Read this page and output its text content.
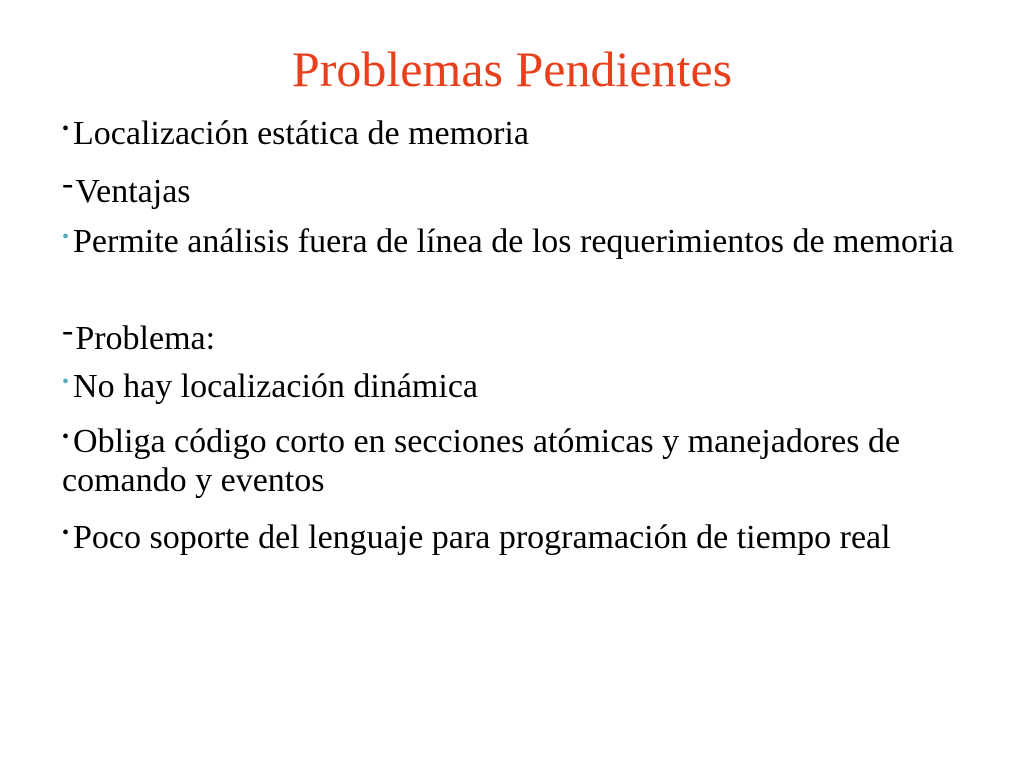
Problemas Pendientes
• Localización estática de memoria
-Ventajas
• Permite análisis fuera de línea de los requerimientos de memoria
-Problema:
• No hay localización dinámica
• Obliga código corto en secciones atómicas y manejadores de comando y eventos
• Poco soporte del lenguaje para programación de tiempo real
